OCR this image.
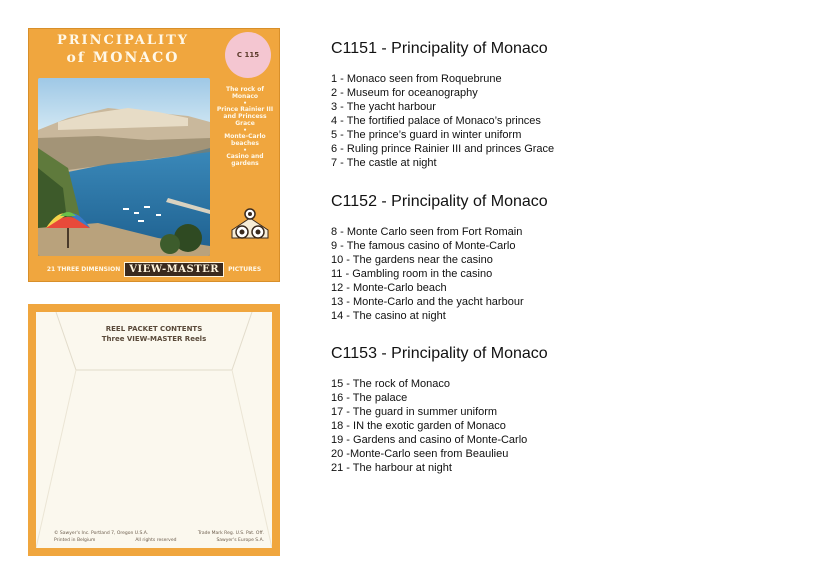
PRINCIPALITY
of MONACO	C 115
The rock of Monaco
•
Prince Rainier III and Princess Grace
•
Monte-Carlo beaches
•
Casino and gardens
21 THREE DIMENSION VIEW-MASTER	PICTURES
REEL PACKET CONTENTS
Three VIEW-MASTER Reels
© Sawyer's Inc. Portland 7, Oregon U.S.A.	Trade Mark Reg. U.S. Pat. Off.
Printed in Belgium	All rights reserved	Sawyer's Europe S.A.
C1151 - Principality of Monaco
1 - Monaco seen from Roquebrune
2 - Museum for oceanography
3 - The yacht harbour
4 - The fortified palace of Monaco’s princes
5 - The prince’s guard in winter uniform
6 - Ruling prince Rainier III and princes Grace
7 - The castle at night
C1152 - Principality of Monaco
8 - Monte Carlo seen from Fort Romain
9 - The famous casino of Monte-Carlo
10 - The gardens near the casino
11 - Gambling room in the casino
12 - Monte-Carlo beach
13 - Monte-Carlo and the yacht harbour
14 - The casino at night
C1153 - Principality of Monaco
15 - The rock of Monaco
16 - The palace
17 - The guard in summer uniform
18 - IN the exotic garden of Monaco
19 - Gardens and casino of Monte-Carlo
20 -Monte-Carlo seen from Beaulieu
21 - The harbour at night
